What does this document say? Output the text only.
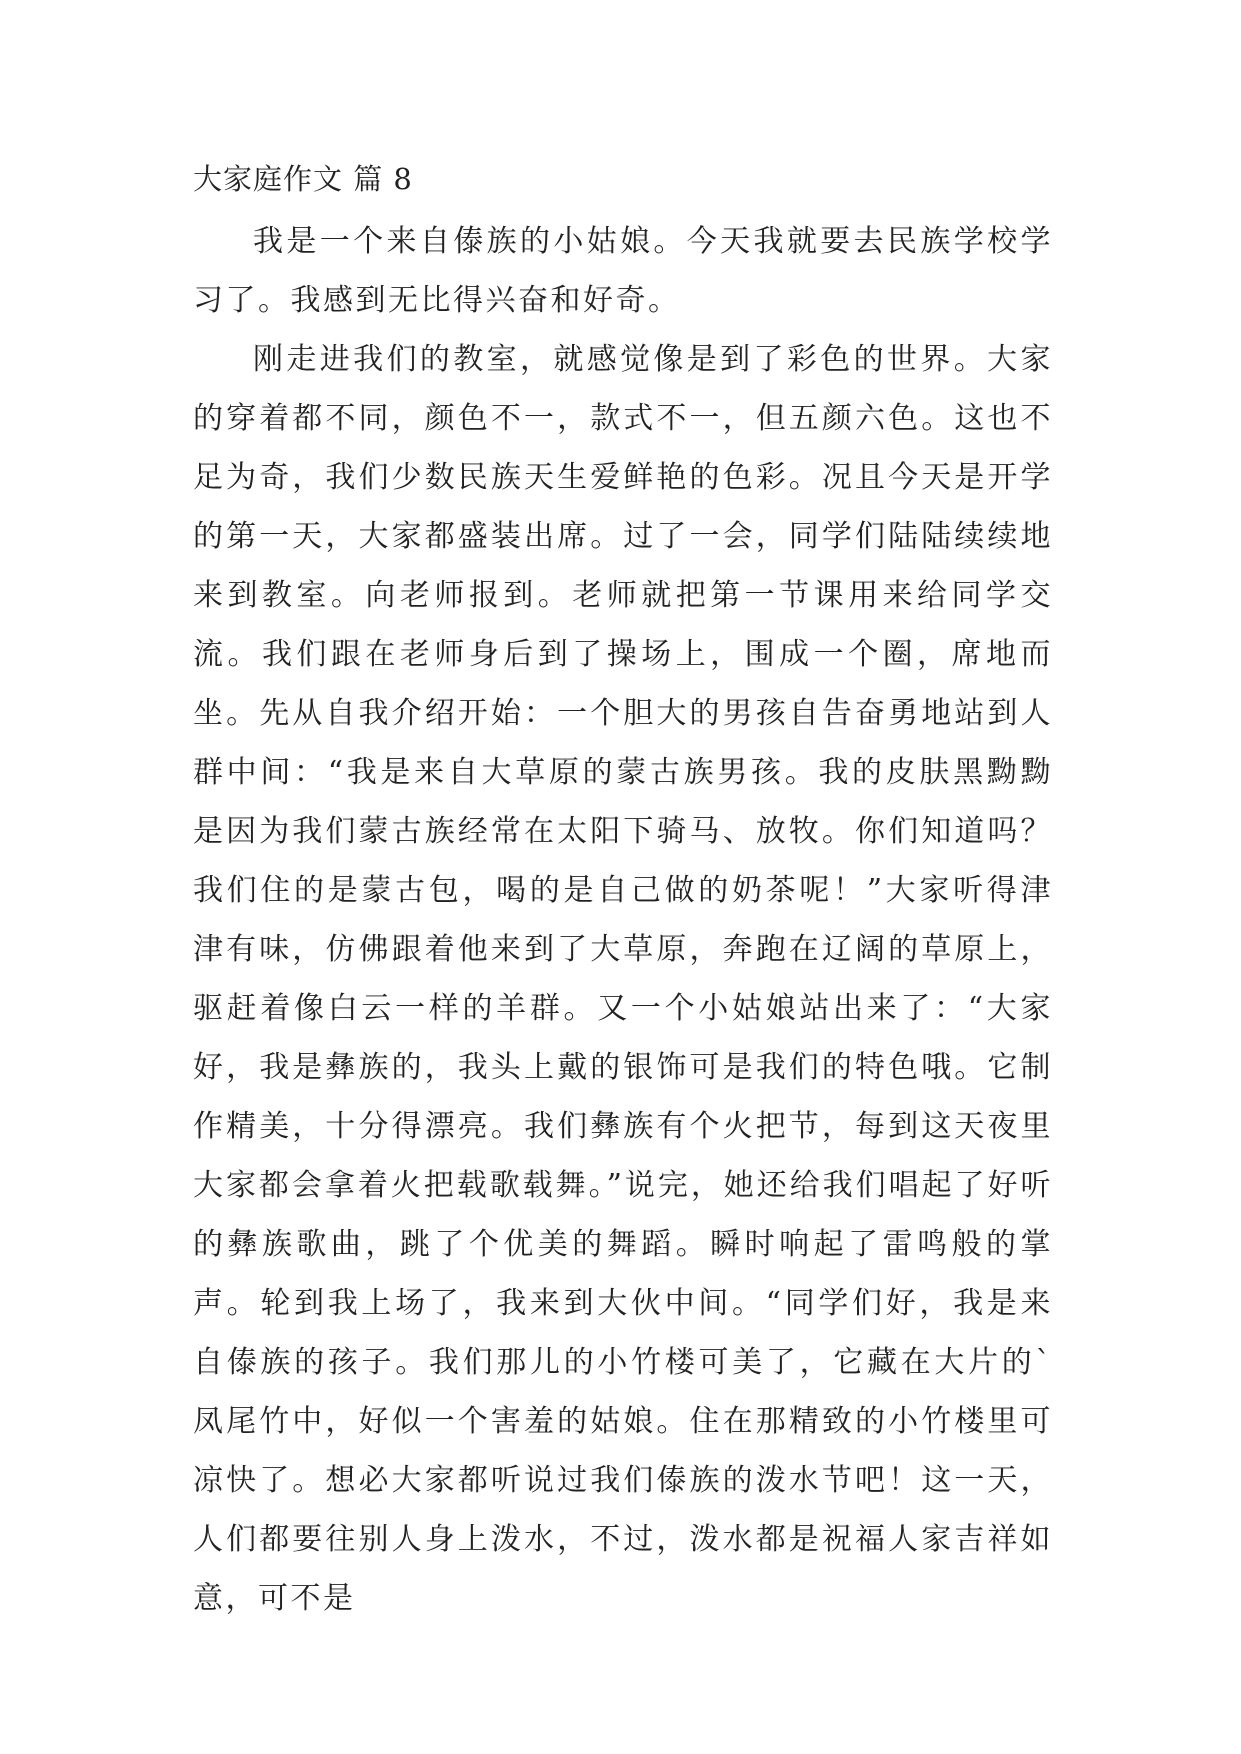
大家庭作文 篇 8

我是一个来自傣族的小姑娘。今天我就要去民族学校学习了。我感到无比得兴奋和好奇。

刚走进我们的教室，就感觉像是到了彩色的世界。大家的穿着都不同，颜色不一，款式不一，但五颜六色。这也不足为奇，我们少数民族天生爱鲜艳的色彩。况且今天是开学的第一天，大家都盛装出席。过了一会，同学们陆陆续续地来到教室。向老师报到。老师就把第一节课用来给同学交流。我们跟在老师身后到了操场上，围成一个圈，席地而坐。先从自我介绍开始：一个胆大的男孩自告奋勇地站到人群中间：“我是来自大草原的蒙古族男孩。我的皮肤黑黝黝是因为我们蒙古族经常在太阳下骑马、放牧。你们知道吗？我们住的是蒙古包，喝的是自己做的奶茶呢！”大家听得津津有味，仿佛跟着他来到了大草原，奔跑在辽阔的草原上，驱赶着像白云一样的羊群。又一个小姑娘站出来了：“大家好，我是彝族的，我头上戴的银饰可是我们的特色哦。它制作精美，十分得漂亮。我们彝族有个火把节，每到这天夜里大家都会拿着火把载歌载舞。”说完，她还给我们唱起了好听的彝族歌曲，跳了个优美的舞蹈。瞬时响起了雷鸣般的掌声。轮到我上场了，我来到大伙中间。“同学们好，我是来自傣族的孩子。我们那儿的小竹楼可美了，它藏在大片的`凤尾竹中，好似一个害羞的姑娘。住在那精致的小竹楼里可凉快了。想必大家都听说过我们傣族的泼水节吧！这一天，人们都要往别人身上泼水，不过，泼水都是祝福人家吉祥如意，可不是
